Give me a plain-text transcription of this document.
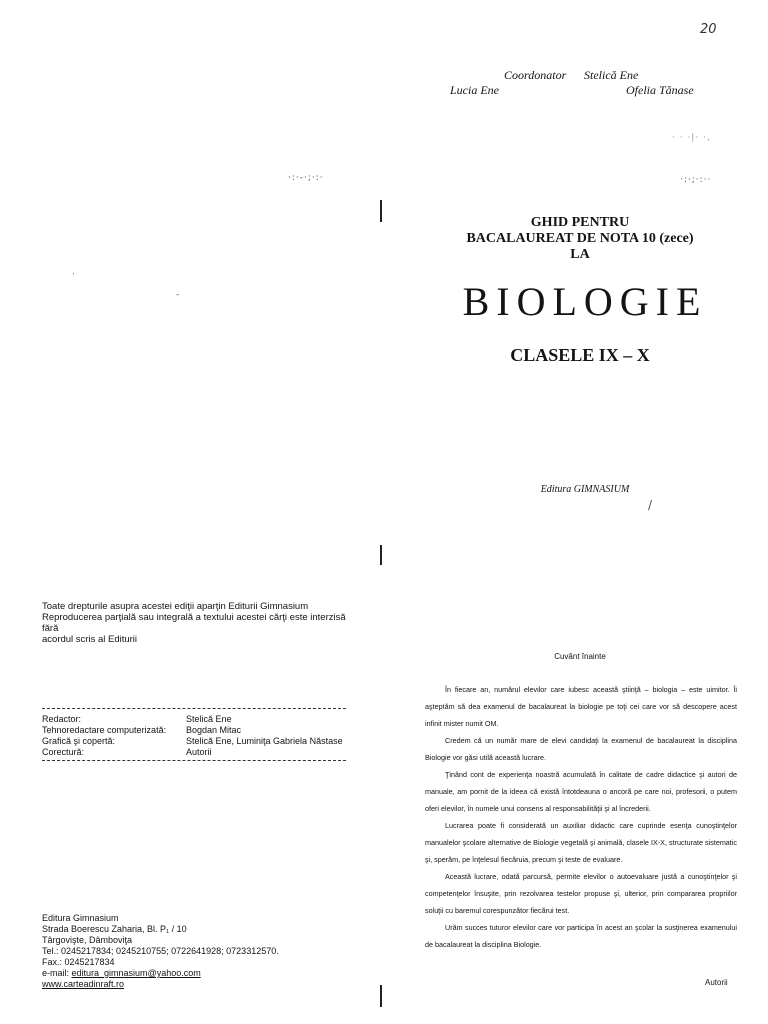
·:·-·;·:·	·:·;·:··
· · ·|· ·,
·
-
/
20
Coordonator Stelică Ene
Lucia Ene	Ofelia Tănase
GHID PENTRU
BACALAUREAT DE NOTA 10 (zece)
LA
BIOLOGIE
CLASELE IX – X
Editura GIMNASIUM
Toate drepturile asupra acestei ediţii aparţin Editurii Gimnasium
Reproducerea parţială sau integrală a textului acestei cărţi este interzisă fără
acordul scris al Editurii
Redactor:	Stelică Ene
Tehnoredactare computerizată: Bogdan Mitac
Grafică şi copertă:	Stelică Ene, Luminiţa Gabriela Năstase
Corectură:	Autorii
Editura Gimnasium
Strada Boerescu Zaharia, Bl. P₁ / 10
Târgovişte, Dâmboviţa
Tel.: 0245217834; 0245210755; 0722641928; 0723312570.
Fax.: 0245217834
e-mail: editura_gimnasium@yahoo.com
www.carteadinraft.ro
Cuvânt înainte

În fiecare an, numărul elevilor care iubesc această ştiinţă – biologia – este uimitor. Îi aşteptăm să dea examenul de bacalaureat la biologie pe toţi cei care vor să descopere acest infinit mister numit OM.

Credem că un număr mare de elevi candidaţi la examenul de bacalaureat la disciplina Biologie vor găsi utilă această lucrare.

Ţinând cont de experienţa noastră acumulată în calitate de cadre didactice şi autori de manuale, am pornit de la ideea că există întotdeauna o ancoră pe care noi, profesorii, o putem oferi elevilor, în numele unui consens al responsabilităţii şi al încrederii.

Lucrarea poate fi considerată un auxiliar didactic care cuprinde esenţa cunoştinţelor manualelor şcolare alternative de Biologie vegetală şi animală, clasele IX-X, structurate sistematic şi, sperăm, pe înţelesul fiecăruia, precum şi teste de evaluare.

Această lucrare, odată parcursă, permite elevilor o autoevaluare justă a cunoştinţelor şi competenţelor însuşite, prin rezolvarea testelor propuse şi, ulterior, prin compararea propriilor soluţii cu baremul corespunzător fiecărui test.

Urăm succes tuturor elevilor care vor participa în acest an şcolar la susţinerea examenului de bacalaureat la disciplina Biologie.

Autorii
